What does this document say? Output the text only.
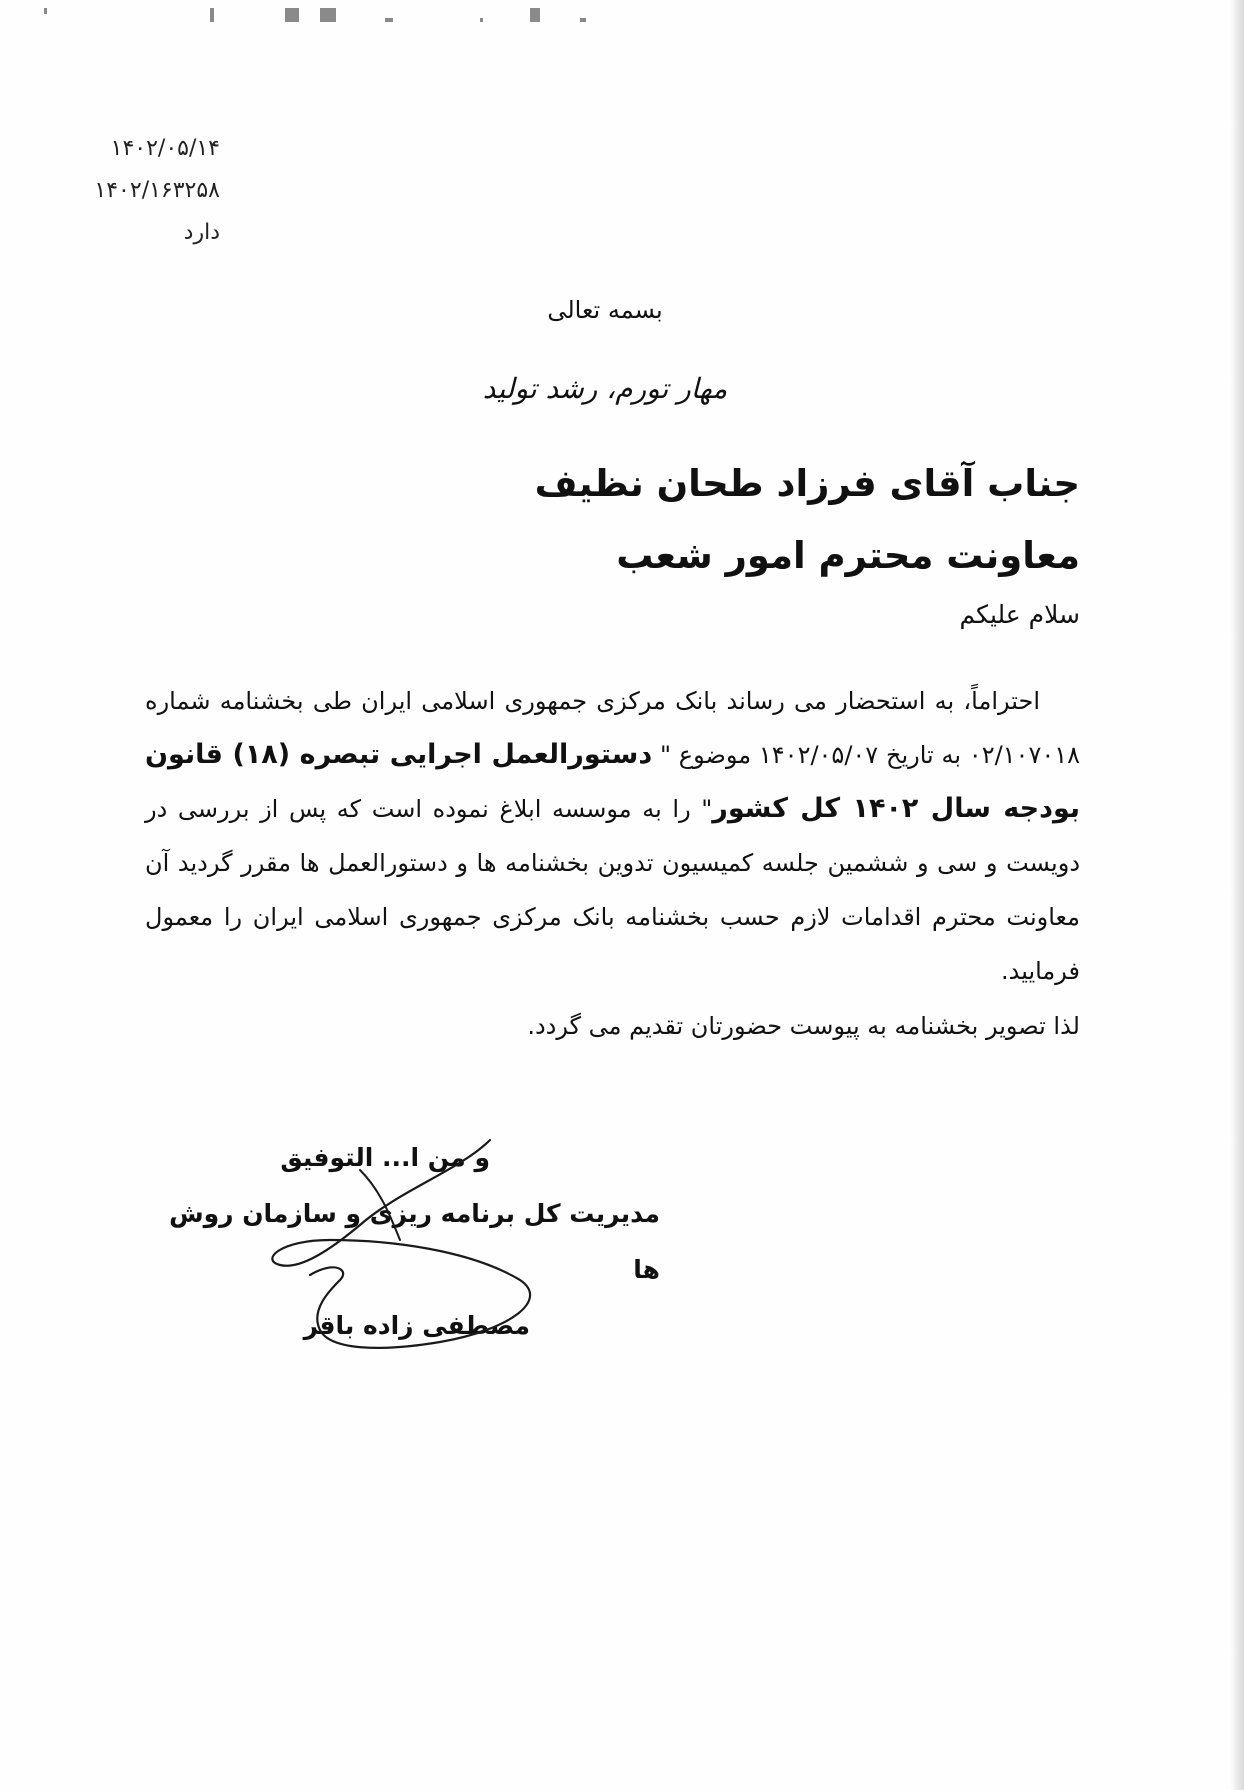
۱۴۰۲/۰۵/۱۴
۱۴۰۲/۱۶۳۲۵۸
دارد
بسمه تعالی
مهار تورم، رشد تولید
جناب آقای فرزاد طحان نظیف
معاونت محترم امور شعب
سلام علیکم
احتراماً، به استحضار می رساند بانک مرکزی جمهوری اسلامی ایران طی بخشنامه شماره ۰۲/۱۰۷۰۱۸ به تاریخ ۱۴۰۲/۰۵/۰۷ موضوع " دستورالعمل اجرایی تبصره (۱۸) قانون بودجه سال ۱۴۰۲ کل کشور" را به موسسه ابلاغ نموده است که پس از بررسی در دویست و سی و ششمین جلسه کمیسیون تدوین بخشنامه ها و دستورالعمل ها مقرر گردید آن معاونت محترم اقدامات لازم حسب بخشنامه بانک مرکزی جمهوری اسلامی ایران را معمول فرمایید.
لذا تصویر بخشنامه به پیوست حضورتان تقدیم می گردد.
و من ا... التوفیق
مدیریت کل برنامه ریزی و سازمان روش ها
مصطفی زاده باقر
